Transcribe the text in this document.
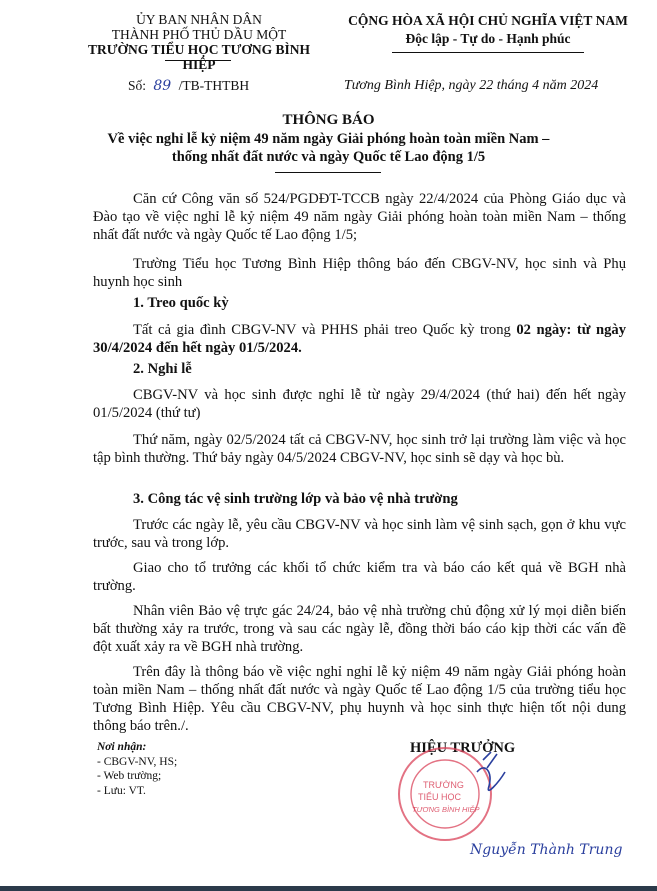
ỦY BAN NHÂN DÂN
THÀNH PHỐ THỦ DẦU MỘT
TRƯỜNG TIỂU HỌC TƯƠNG BÌNH HIỆP
Số: 89 /TB-THTBH
CỘNG HÒA XÃ HỘI CHỦ NGHĨA VIỆT NAM
Độc lập - Tự do - Hạnh phúc
Tương Bình Hiệp, ngày 22 tháng 4 năm 2024
THÔNG BÁO
Về việc nghỉ lễ kỷ niệm 49 năm ngày Giải phóng hoàn toàn miền Nam –
thống nhất đất nước và ngày Quốc tế Lao động 1/5

Căn cứ Công văn số 524/PGDĐT-TCCB ngày 22/4/2024 của Phòng Giáo dục và Đào tạo về việc nghỉ lễ kỷ niệm 49 năm ngày Giải phóng hoàn toàn miền Nam – thống nhất đất nước và ngày Quốc tế Lao động 1/5;

Trường Tiểu học Tương Bình Hiệp thông báo đến CBGV-NV, học sinh và Phụ huynh học sinh

1. Treo quốc kỳ

Tất cả gia đình CBGV-NV và PHHS phải treo Quốc kỳ trong 02 ngày: từ ngày 30/4/2024 đến hết ngày 01/5/2024.

2. Nghỉ lễ

CBGV-NV và học sinh được nghỉ lễ từ ngày 29/4/2024 (thứ hai) đến hết ngày 01/5/2024 (thứ tư)

Thứ năm, ngày 02/5/2024 tất cả CBGV-NV, học sinh trở lại trường làm việc và học tập bình thường. Thứ bảy ngày 04/5/2024 CBGV-NV, học sinh sẽ dạy và học bù.

3. Công tác vệ sinh trường lớp và bảo vệ nhà trường

Trước các ngày lễ, yêu cầu CBGV-NV và học sinh làm vệ sinh sạch, gọn ở khu vực trước, sau và trong lớp.

Giao cho tổ trưởng các khối tổ chức kiểm tra và báo cáo kết quả về BGH nhà trường.

Nhân viên Bảo vệ trực gác 24/24, bảo vệ nhà trường chủ động xử lý mọi diễn biến bất thường xảy ra trước, trong và sau các ngày lễ, đồng thời báo cáo kịp thời các vấn đề đột xuất xảy ra về BGH nhà trường.

Trên đây là thông báo về việc nghỉ nghỉ lễ kỷ niệm 49 năm ngày Giải phóng hoàn toàn miền Nam – thống nhất đất nước và ngày Quốc tế Lao động 1/5 của trường tiểu học Tương Bình Hiệp. Yêu cầu CBGV-NV, phụ huynh và học sinh thực hiện tốt nội dung thông báo trên./.

Nơi nhận:
- CBGV-NV, HS;
- Web trường;
- Lưu: VT.
HIỆU TRƯỞNG
TRƯỜNG
TIỂU HỌC
TƯƠNG BÌNH HIỆP
Nguyễn Thành Trung
